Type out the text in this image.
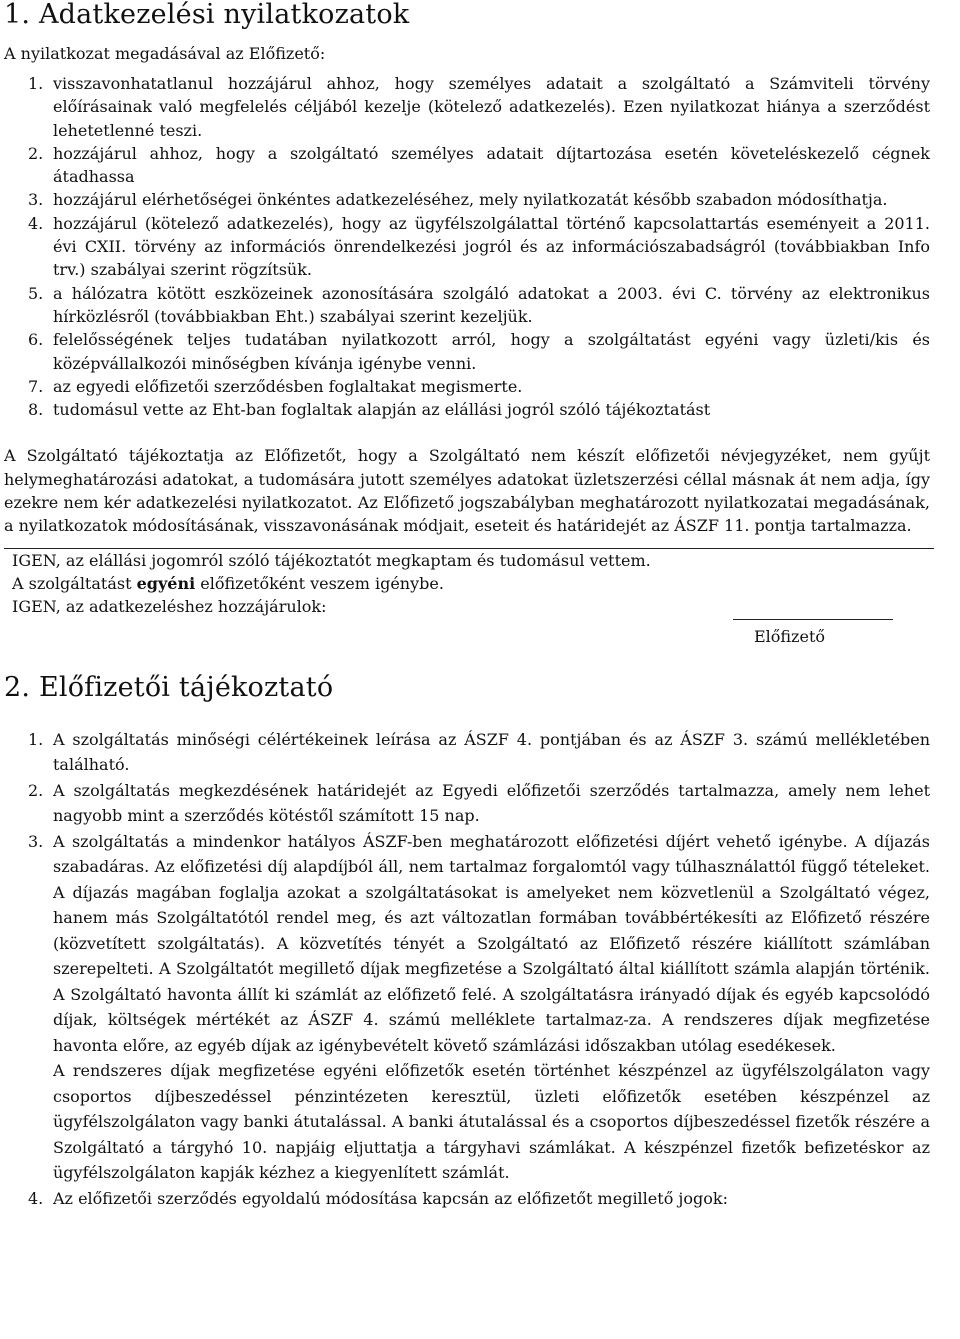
1. Adatkezelési nyilatkozatok

A nyilatkozat megadásával az Előfizető:

1. visszavonhatatlanul hozzájárul ahhoz, hogy személyes adatait a szolgáltató a Számviteli törvény előírásainak való megfelelés céljából kezelje (kötelező adatkezelés). Ezen nyilatkozat hiánya a szerződést lehetetlenné teszi.
2. hozzájárul ahhoz, hogy a szolgáltató személyes adatait díjtartozása esetén követeléskezelő cégnek átadhassa
3. hozzájárul elérhetőségei önkéntes adatkezeléséhez, mely nyilatkozatát később szabadon módosíthatja.
4. hozzájárul (kötelező adatkezelés), hogy az ügyfélszolgálattal történő kapcsolattartás eseményeit a 2011. évi CXII. törvény az információs önrendelkezési jogról és az információszabadságról (továbbiakban Info trv.) szabályai szerint rögzítsük.
5. a hálózatra kötött eszközeinek azonosítására szolgáló adatokat a 2003. évi C. törvény az elektronikus hírközlésről (továbbiakban Eht.) szabályai szerint kezeljük.
6. felelősségének teljes tudatában nyilatkozott arról, hogy a szolgáltatást egyéni vagy üzleti/kis és középvállalkozói minőségben kívánja igénybe venni.
7. az egyedi előfizetői szerződésben foglaltakat megismerte.
8. tudomásul vette az Eht-ban foglaltak alapján az elállási jogról szóló tájékoztatást

A Szolgáltató tájékoztatja az Előfizetőt, hogy a Szolgáltató nem készít előfizetői névjegyzéket, nem gyűjt helymeghatározási adatokat, a tudomására jutott személyes adatokat üzletszerzési céllal másnak át nem adja, így ezekre nem kér adatkezelési nyilatkozatot. Az Előfizető jogszabályban meghatározott nyilatkozatai megadásának, a nyilatkozatok módosításának, visszavonásának módjait, eseteit és határidejét az ÁSZF 11. pontja tartalmazza.

IGEN, az elállási jogomról szóló tájékoztatót megkaptam és tudomásul vettem.
A szolgáltatást egyéni előfizetőként veszem igénybe.
IGEN, az adatkezeléshez hozzájárulok:
Előfizető
2. Előfizetői tájékoztató
1. A szolgáltatás minőségi célértékeinek leírása az ÁSZF 4. pontjában és az ÁSZF 3. számú mellékletében található.

2. A szolgáltatás megkezdésének határidejét az Egyedi előfizetői szerződés tartalmazza, amely nem lehet nagyobb mint a szerződés kötéstől számított 15 nap.

3. A szolgáltatás a mindenkor hatályos ÁSZF-ben meghatározott előfizetési díjért vehető igénybe. A díjazás szabadáras. Az előfizetési díj alapdíjból áll, nem tartalmaz forgalomtól vagy túlhasználattól függő tételeket. A díjazás magában foglalja azokat a szolgáltatásokat is amelyeket nem közvetlenül a Szolgáltató végez, hanem más Szolgáltatótól rendel meg, és azt változatlan formában továbbértékesíti az Előfizető részére (közvetített szolgáltatás). A közvetítés tényét a Szolgáltató az Előfizető részére kiállított számlában szerepelteti. A Szolgáltatót megillető díjak megfizetése a Szolgáltató által kiállított számla alapján történik. A Szolgáltató havonta állít ki számlát az előfizető felé. A szolgáltatásra irányadó díjak és egyéb kapcsolódó díjak, költségek mértékét az ÁSZF 4. számú melléklete tartalmaz-za. A rendszeres díjak megfizetése havonta előre, az egyéb díjak az igénybevételt követő számlázási időszakban utólag esedékesek.

A rendszeres díjak megfizetése egyéni előfizetők esetén történhet készpénzel az ügyfélszolgálaton vagy csoportos díjbeszedéssel pénzintézeten keresztül, üzleti előfizetők esetében készpénzel az ügyfélszolgálaton vagy banki átutalással. A banki átutalással és a csoportos díjbeszedéssel fizetők részére a Szolgáltató a tárgyhó 10. napjáig eljuttatja a tárgyhavi számlákat. A készpénzel fizetők befizetéskor az ügyfélszolgálaton kapják kézhez a kiegyenlített számlát.

4. Az előfizetői szerződés egyoldalú módosítása kapcsán az előfizetőt megillető jogok:
